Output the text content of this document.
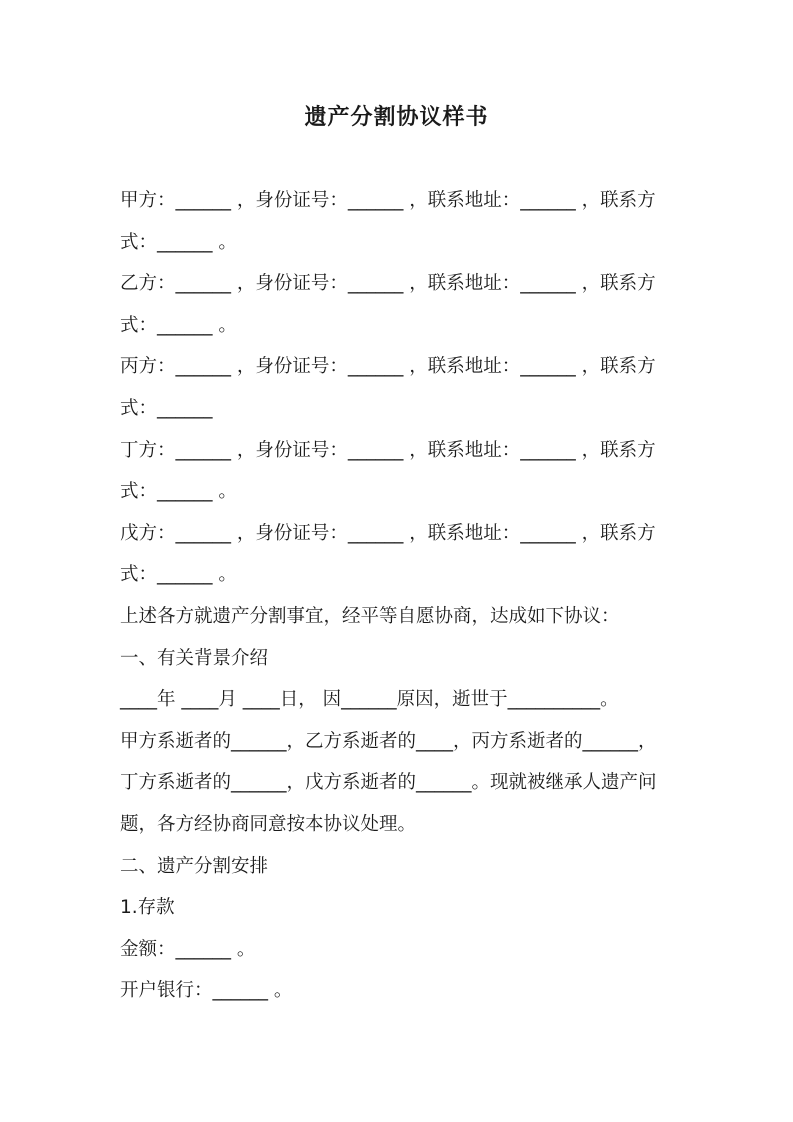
遗产分割协议样书

甲方：______ ，身份证号：______ ，联系地址：______ ，联系方

式：______ 。

乙方：______ ，身份证号：______ ，联系地址：______ ，联系方

式：______ 。

丙方：______ ，身份证号：______ ，联系地址：______ ，联系方

式：______

丁方：______ ，身份证号：______ ，联系地址：______ ，联系方

式：______ 。

戊方：______ ，身份证号：______ ，联系地址：______ ，联系方

式：______ 。

上述各方就遗产分割事宜，经平等自愿协商，达成如下协议：

一、有关背景介绍

____年 ____月 ____日， 因______原因，逝世于__________。

甲方系逝者的______，乙方系逝者的____，丙方系逝者的______，

丁方系逝者的______，戊方系逝者的______。现就被继承人遗产问

题，各方经协商同意按本协议处理。

二、遗产分割安排

1.存款

金额：______ 。

开户银行：______ 。
